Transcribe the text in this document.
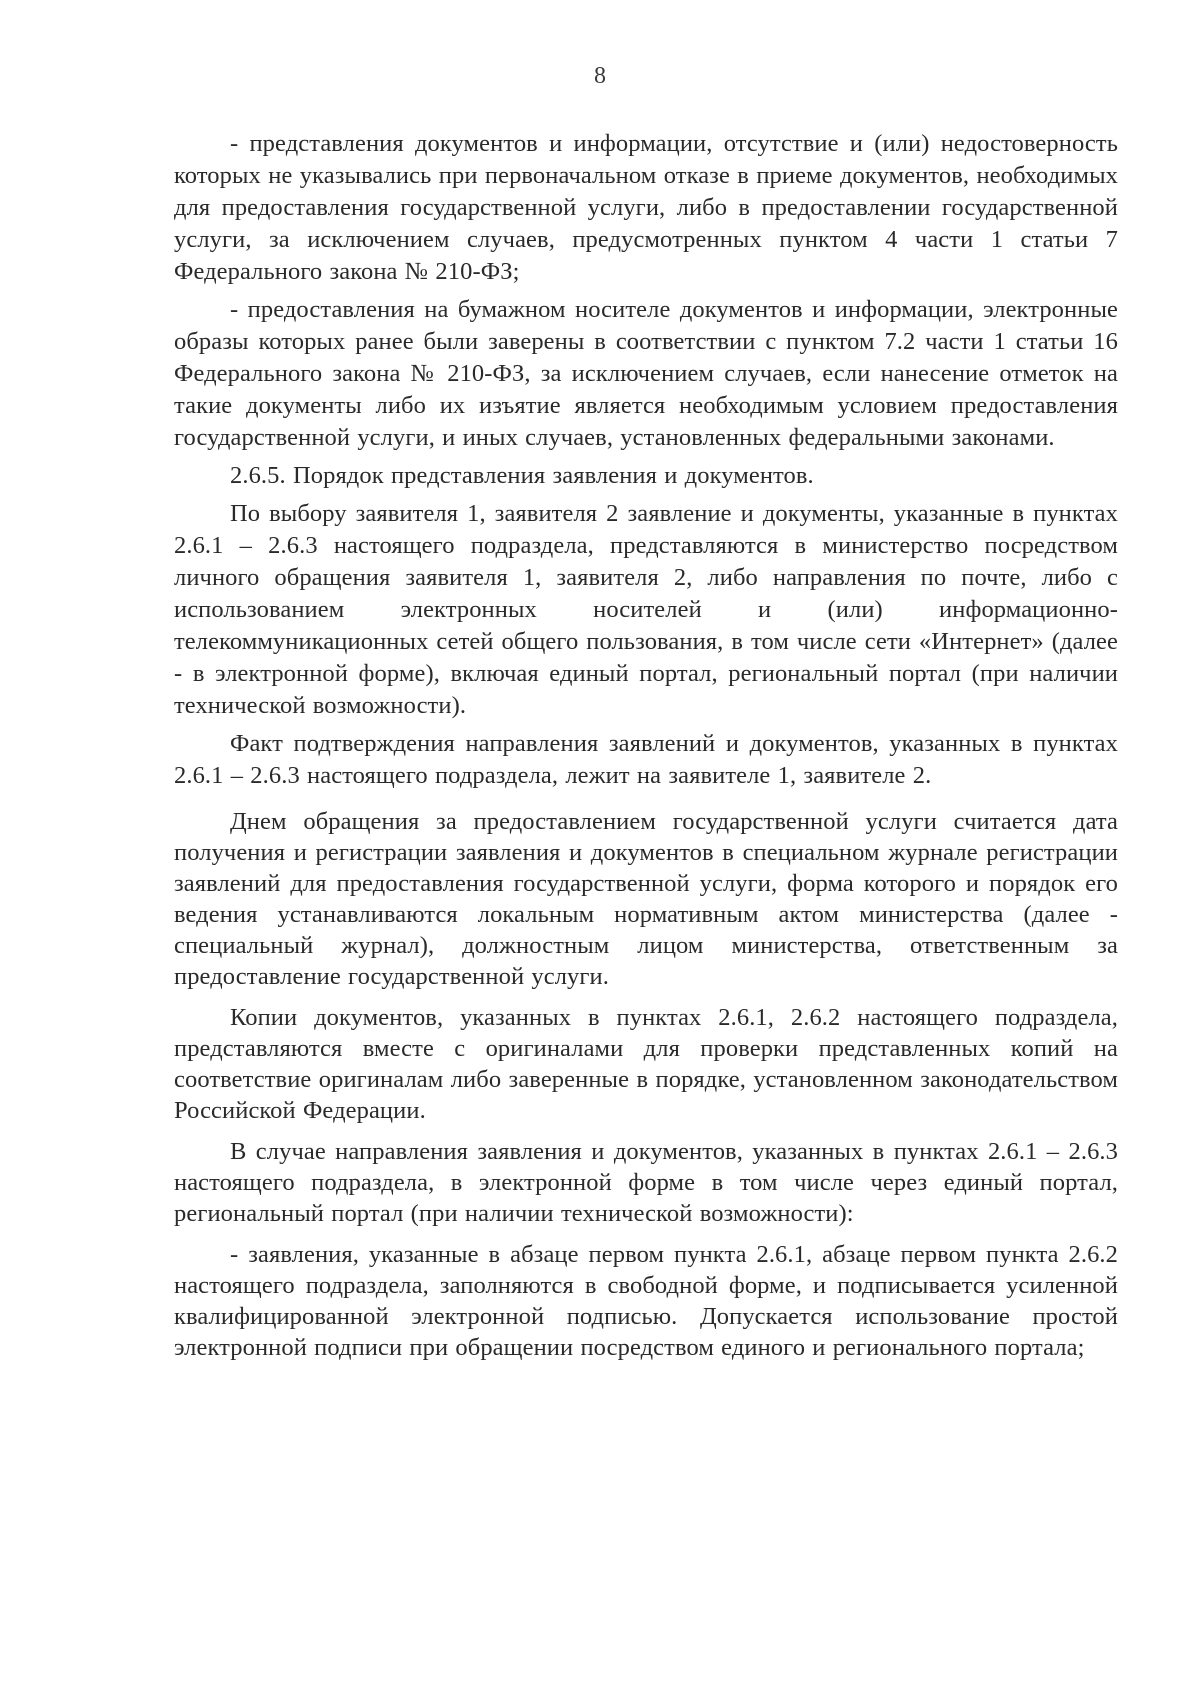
8

- представления документов и информации, отсутствие и (или) недостоверность которых не указывались при первоначальном отказе в приеме документов, необходимых для предоставления государственной услуги, либо в предоставлении государственной услуги, за исключением случаев, предусмотренных пунктом 4 части 1 статьи 7 Федерального закона № 210-ФЗ;

- предоставления на бумажном носителе документов и информации, электронные образы которых ранее были заверены в соответствии с пунктом 7.2 части 1 статьи 16 Федерального закона № 210-ФЗ, за исключением случаев, если нанесение отметок на такие документы либо их изъятие является необходимым условием предоставления государственной услуги, и иных случаев, установленных федеральными законами.

2.6.5. Порядок представления заявления и документов.

По выбору заявителя 1, заявителя 2 заявление и документы, указанные в пунктах 2.6.1 – 2.6.3 настоящего подраздела, представляются в министерство посредством личного обращения заявителя 1, заявителя 2, либо направления по почте, либо с использованием электронных носителей и (или) информационно-телекоммуникационных сетей общего пользования, в том числе сети «Интернет» (далее - в электронной форме), включая единый портал, региональный портал (при наличии технической возможности).

Факт подтверждения направления заявлений и документов, указанных в пунктах 2.6.1 – 2.6.3 настоящего подраздела, лежит на заявителе 1, заявителе 2.

Днем обращения за предоставлением государственной услуги считается дата получения и регистрации заявления и документов в специальном журнале регистрации заявлений для предоставления государственной услуги, форма которого и порядок его ведения устанавливаются локальным нормативным актом министерства (далее - специальный журнал), должностным лицом министерства, ответственным за предоставление государственной услуги.

Копии документов, указанных в пунктах 2.6.1, 2.6.2 настоящего подраздела, представляются вместе с оригиналами для проверки представленных копий на соответствие оригиналам либо заверенные в порядке, установленном законодательством Российской Федерации.

В случае направления заявления и документов, указанных в пунктах 2.6.1 – 2.6.3 настоящего подраздела, в электронной форме в том числе через единый портал, региональный портал (при наличии технической возможности):

- заявления, указанные в абзаце первом пункта 2.6.1, абзаце первом пункта 2.6.2 настоящего подраздела, заполняются в свободной форме, и подписывается усиленной квалифицированной электронной подписью. Допускается использование простой электронной подписи при обращении посредством единого и регионального портала;
